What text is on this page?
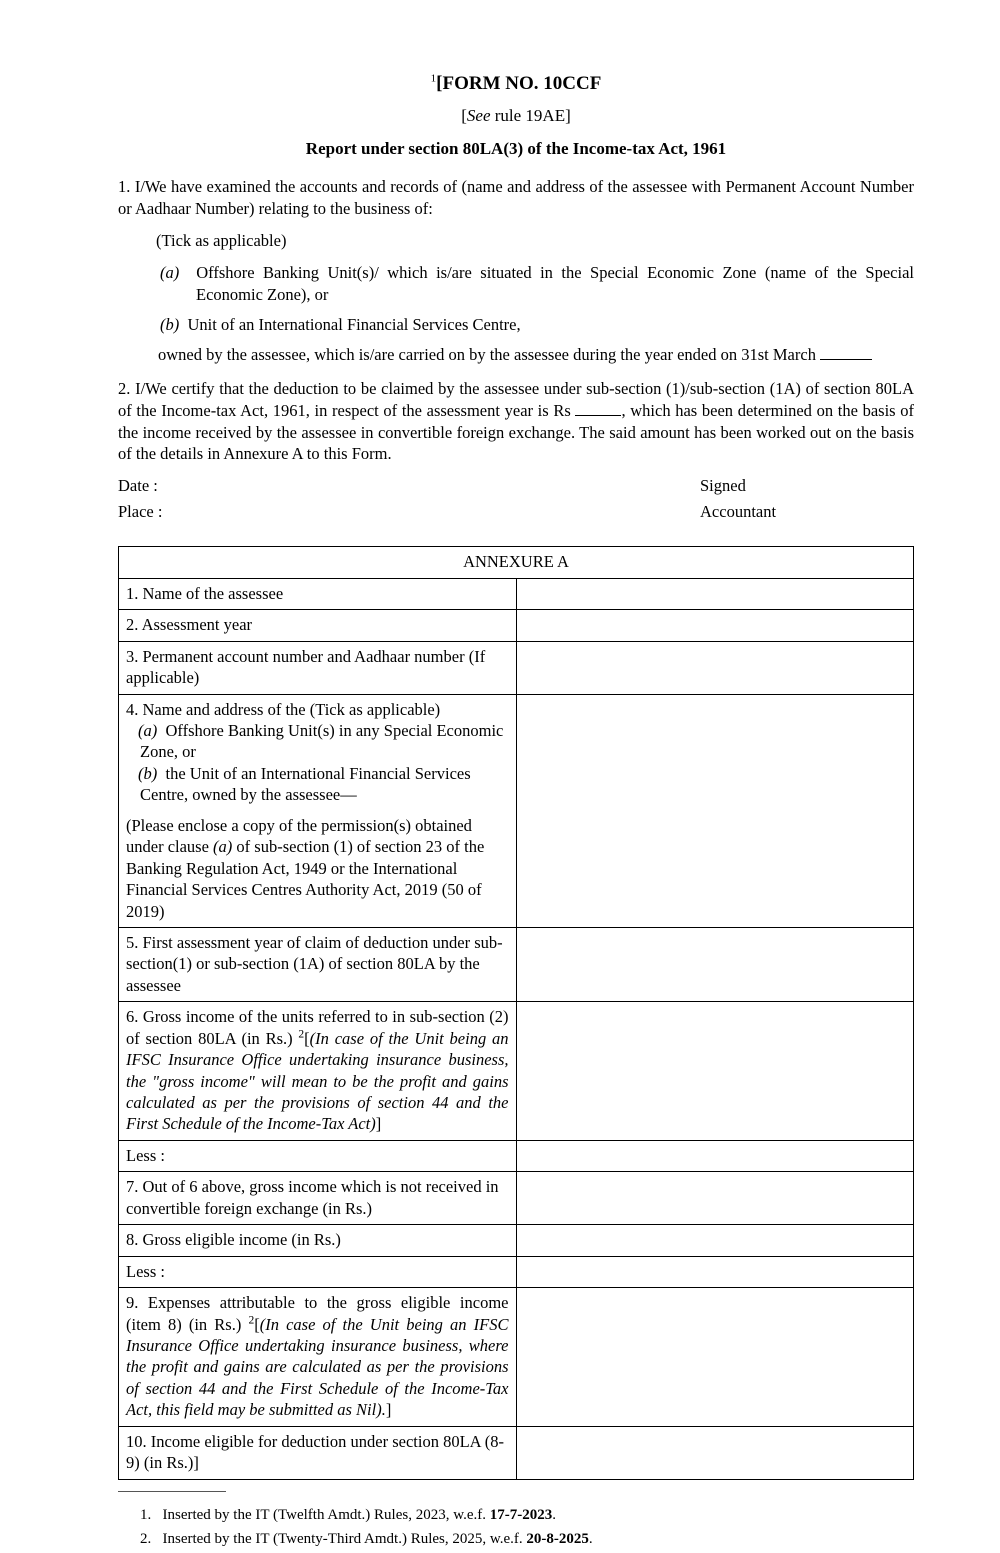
$^1$[FORM NO. 10CCF
[See rule 19AE]
Report under section 80LA(3) of the Income-tax Act, 1961

1. I/We have examined the accounts and records of (name and address of the assessee with Permanent Account Number or Aadhaar Number) relating to the business of:

(Tick as applicable)

(a) Offshore Banking Unit(s)/ which is/are situated in the Special Economic Zone (name of the Special Economic Zone), or

(b) Unit of an International Financial Services Centre,

owned by the assessee, which is/are carried on by the assessee during the year ended on 31st March

2. I/We certify that the deduction to be claimed by the assessee under sub-section (1)/sub-section (1A) of section 80LA of the Income-tax Act, 1961, in respect of the assessment year is Rs	, which has been determined on the basis of the income received by the assessee in convertible foreign exchange. The said amount has been worked out on the basis of the details in Annexure A to this Form.

Date :	Signed
Place :	Accountant
ANNEXURE A	
1. Name of the assessee	
2. Assessment year	
3. Permanent account number and Aadhaar number (If applicable)	

4. Name and address of the (Tick as applicable)

(a) Offshore Banking Unit(s) in any Special Economic Zone, or

(b) the Unit of an International Financial Services Centre, owned by the assessee—

(Please enclose a copy of the permission(s) obtained under clause (a) of sub-section (1) of section 23 of the Banking Regulation Act, 1949 or the International Financial Services Centres Authority Act, 2019 (50 of 2019)	

5. First assessment year of claim of deduction under sub-section(1) or sub-section (1A) of section 80LA by the assessee	
6. Gross income of the units referred to in sub-section (2) of section 80LA (in Rs.) $^2$[(In case of the Unit being an IFSC Insurance Office undertaking insurance business, the "gross income" will mean to be the profit and gains calculated as per the provisions of section 44 and the First Schedule of the Income-Tax Act)]	
Less :	
7. Out of 6 above, gross income which is not received in convertible foreign exchange (in Rs.)	
8. Gross eligible income (in Rs.)	
Less :	
9. Expenses attributable to the gross eligible income (item 8) (in Rs.) $^2$[(In case of the Unit being an IFSC Insurance Office undertaking insurance business, where the profit and gains are calculated as per the provisions of section 44 and the First Schedule of the Income-Tax Act, this field may be submitted as Nil).]	
10. Income eligible for deduction under section 80LA (8-9) (in Rs.)]	

1. Inserted by the IT (Twelfth Amdt.) Rules, 2023, w.e.f. 17-7-2023.

2. Inserted by the IT (Twenty-Third Amdt.) Rules, 2025, w.e.f. 20-8-2025.
